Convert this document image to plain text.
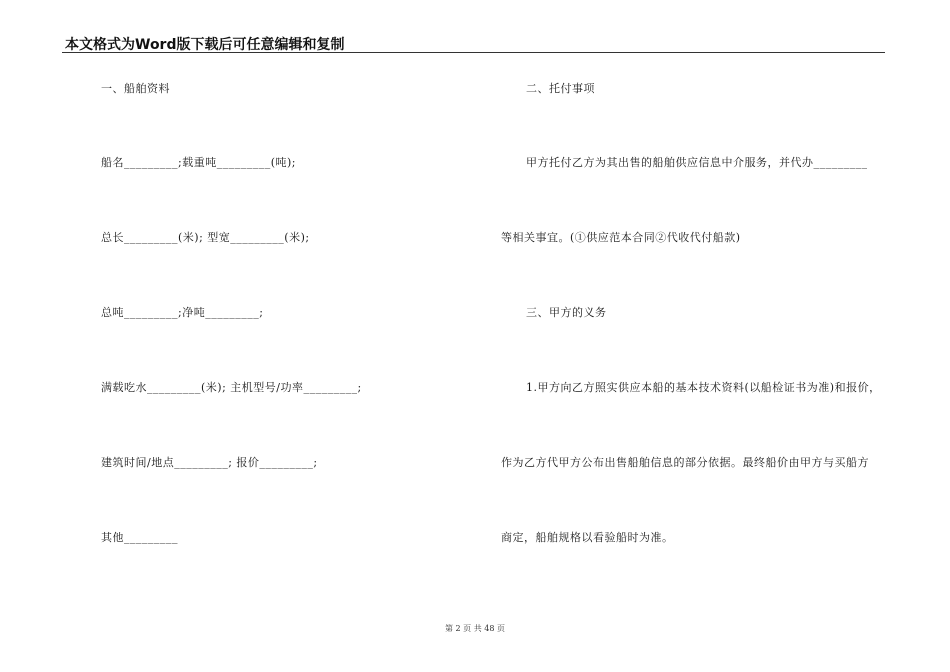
本文格式为Word版下载后可任意编辑和复制
一、船舶资料
船名_________;载重吨_________(吨);
总长_________(米); 型宽_________(米);
总吨_________;净吨_________;
满载吃水_________(米); 主机型号/功率_________;
建筑时间/地点_________; 报价_________;
其他_________
二、托付事项
甲方托付乙方为其出售的船舶供应信息中介服务，并代办_________
等相关事宜。(①供应范本合同②代收代付船款)
三、甲方的义务
1.甲方向乙方照实供应本船的基本技术资料(以船检证书为准)和报价，
作为乙方代甲方公布出售船舶信息的部分依据。最终船价由甲方与买船方
商定，船舶规格以看验船时为准。
第 2 页 共 48 页
